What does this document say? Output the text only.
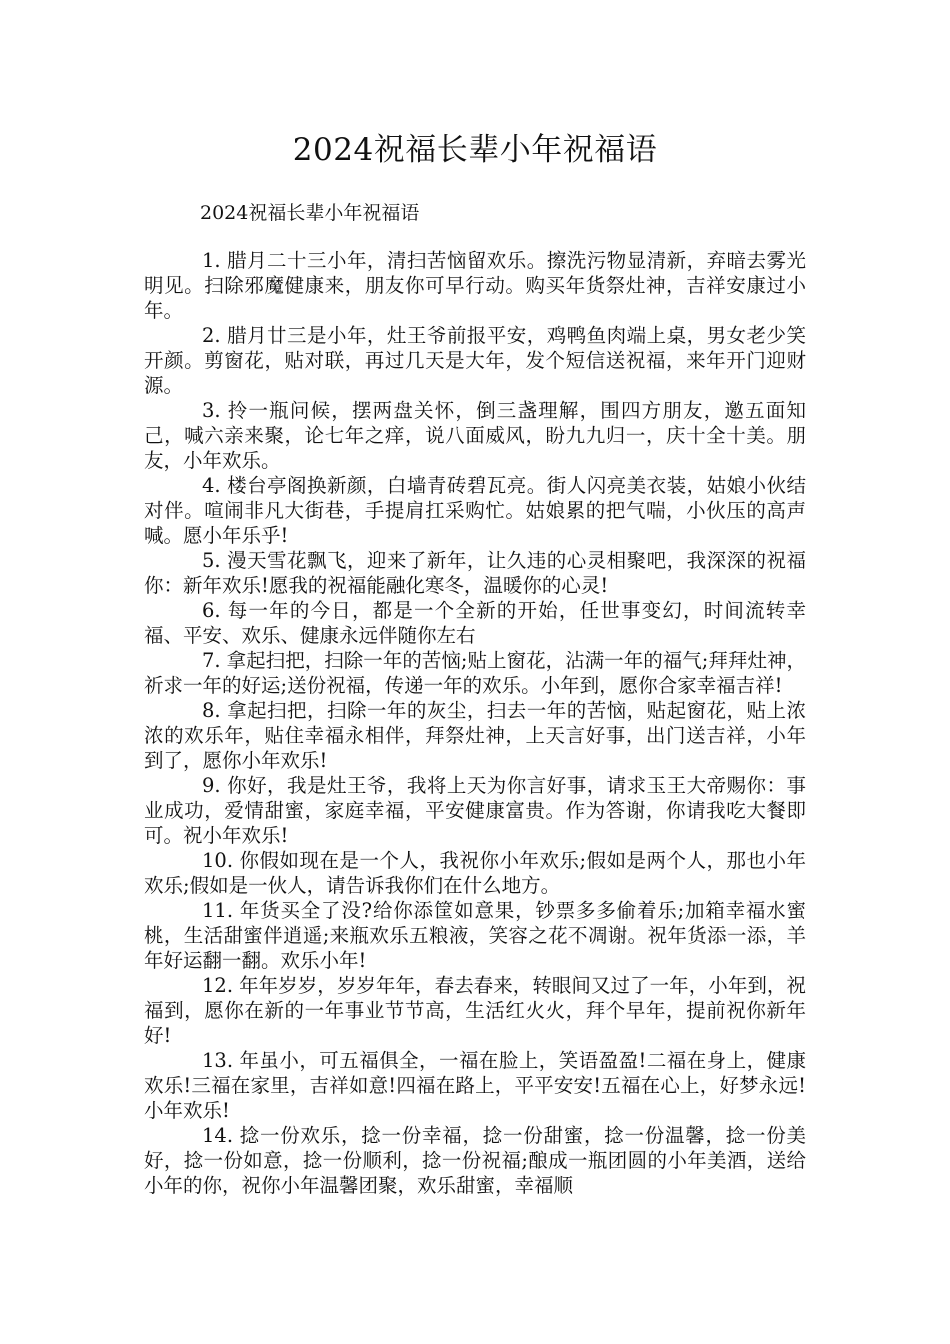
2024祝福长辈小年祝福语

2024祝福长辈小年祝福语

1. 腊月二十三小年，清扫苦恼留欢乐。擦洗污物显清新，弃暗去雾光明见。扫除邪魔健康来，朋友你可早行动。购买年货祭灶神，吉祥安康过小年。
2. 腊月廿三是小年，灶王爷前报平安，鸡鸭鱼肉端上桌，男女老少笑开颜。剪窗花，贴对联，再过几天是大年，发个短信送祝福，来年开门迎财源。
3. 拎一瓶问候，摆两盘关怀，倒三盏理解，围四方朋友，邀五面知己，喊六亲来聚，论七年之痒，说八面威风，盼九九归一，庆十全十美。朋友，小年欢乐。
4. 楼台亭阁换新颜，白墙青砖碧瓦亮。街人闪亮美衣装，姑娘小伙结对伴。喧闹非凡大街巷，手提肩扛采购忙。姑娘累的把气喘，小伙压的高声喊。愿小年乐乎!
5. 漫天雪花飘飞，迎来了新年，让久违的心灵相聚吧，我深深的祝福你：新年欢乐!愿我的祝福能融化寒冬，温暖你的心灵!
6. 每一年的今日，都是一个全新的开始，任世事变幻，时间流转幸福、平安、欢乐、健康永远伴随你左右
7. 拿起扫把，扫除一年的苦恼;贴上窗花，沾满一年的福气;拜拜灶神，祈求一年的好运;送份祝福，传递一年的欢乐。小年到，愿你合家幸福吉祥!
8. 拿起扫把，扫除一年的灰尘，扫去一年的苦恼，贴起窗花，贴上浓浓的欢乐年，贴住幸福永相伴，拜祭灶神，上天言好事，出门送吉祥，小年到了，愿你小年欢乐!
9. 你好，我是灶王爷，我将上天为你言好事，请求玉王大帝赐你：事业成功，爱情甜蜜，家庭幸福，平安健康富贵。作为答谢，你请我吃大餐即可。祝小年欢乐!
10. 你假如现在是一个人，我祝你小年欢乐;假如是两个人，那也小年欢乐;假如是一伙人，请告诉我你们在什么地方。
11. 年货买全了没?给你添筐如意果，钞票多多偷着乐;加箱幸福水蜜桃，生活甜蜜伴逍遥;来瓶欢乐五粮液，笑容之花不凋谢。祝年货添一添，羊年好运翻一翻。欢乐小年!
12. 年年岁岁，岁岁年年，春去春来，转眼间又过了一年，小年到，祝福到，愿你在新的一年事业节节高，生活红火火，拜个早年，提前祝你新年好!
13. 年虽小，可五福俱全，一福在脸上，笑语盈盈!二福在身上，健康欢乐!三福在家里，吉祥如意!四福在路上，平平安安!五福在心上，好梦永远!小年欢乐!
14. 捻一份欢乐，捻一份幸福，捻一份甜蜜，捻一份温馨，捻一份美好，捻一份如意，捻一份顺利，捻一份祝福;酿成一瓶团圆的小年美酒，送给小年的你，祝你小年温馨团聚，欢乐甜蜜，幸福顺
